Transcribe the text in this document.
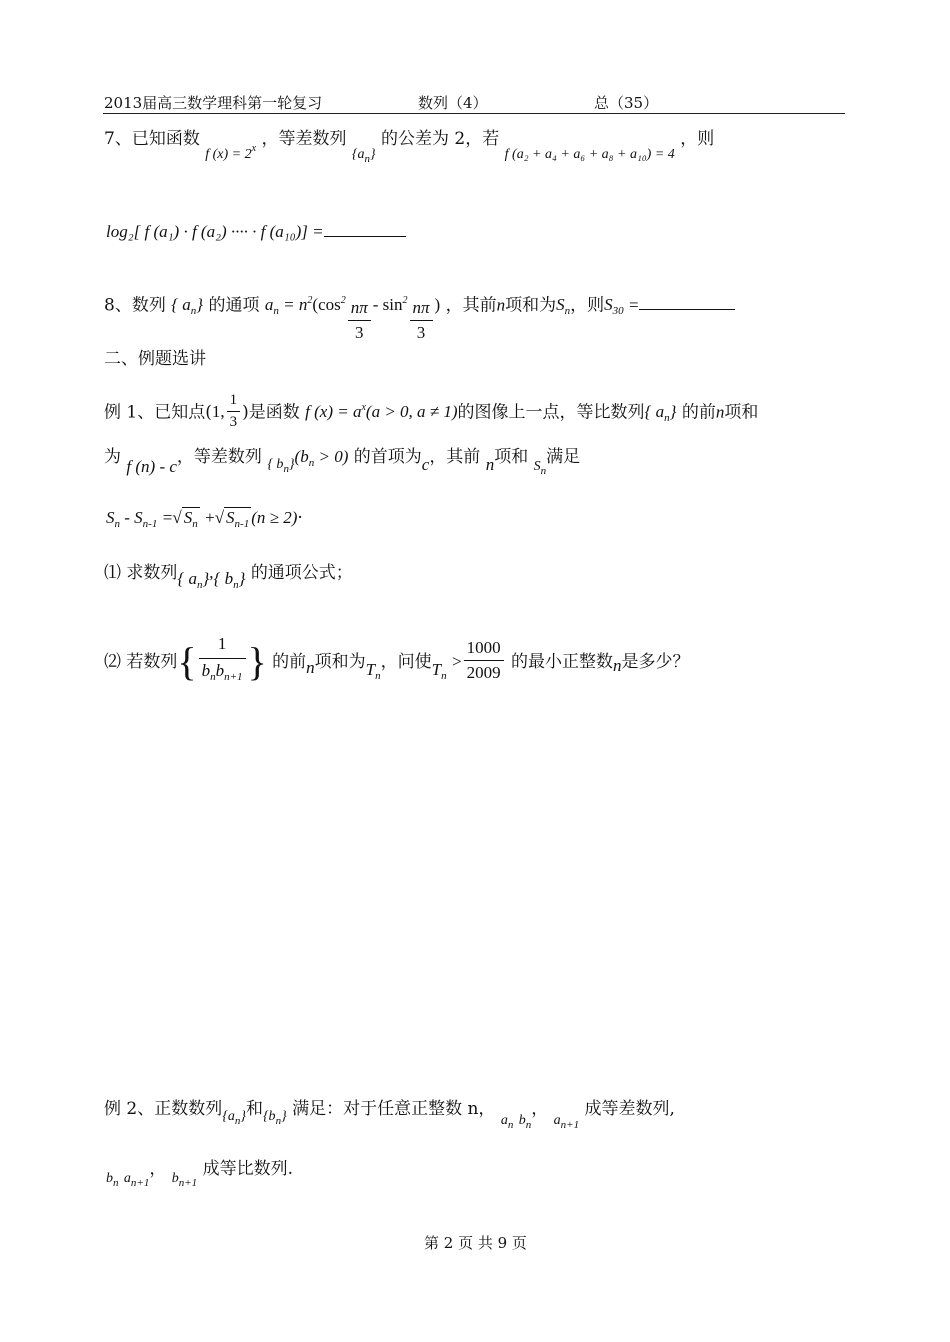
2013届高三数学理科第一轮复习	数列（4）	总（35）
7、已知函数 $_{f (x) = 2^x}$ ，等差数列 $_{\{a_n\}}$ 的公差为 2，若 $_{f (a_2 + a_4 + a_6 + a_8 + a_{10}) = 4}$ ，则
log₂[ f (a₁) · f (a₂) ···· · f (a₁₀)] =
8、数列 { $a_n$} 的通项 $a_n = n^2(\cos^2 \frac{n\pi}{3} - \sin^2 \frac{n\pi}{3}$ ) ，其前n项和为$S_n$，则$S_{30}$ =
二、例题选讲
例 1、已知点(1, $\frac{1}{3}$ )是函数 f $(x) = a^x(a > 0$, a ≠ 1)的图像上一点，等比数列{ $a_n$} 的前n项和
为 f (n) - c，等差数列 $_{\{ b_n\}}(b_n > 0)$ 的首项为c，其前 n项和 $_{S_n}$满足
$S_n - S_{n-1}$ =√ $S_n$ +√ $S_{n-1}$ (n ≥ 2)·
⑴ 求数列{ $a_n$},{ $b_n$} 的通项公式；
⑵ 若数列{ $\frac{1}{b_nb_{n+1}}$ } 的前n项和为$T_n$，问使$T_n > \frac{1000}{2009}$ 的最小正整数n是多少？
例 2、正数数列$_{\{a_n\}}$和$_{\{b_n\}}$ 满足：对于任意正整数 n， $_{a_n}$ $_{b_n}$， $_{a_{n+1}}$ 成等差数列,
$_{b_n}$ $_{a_{n+1}}$， $_{b_{n+1}}$ 成等比数列.
第 2 页 共 9 页
